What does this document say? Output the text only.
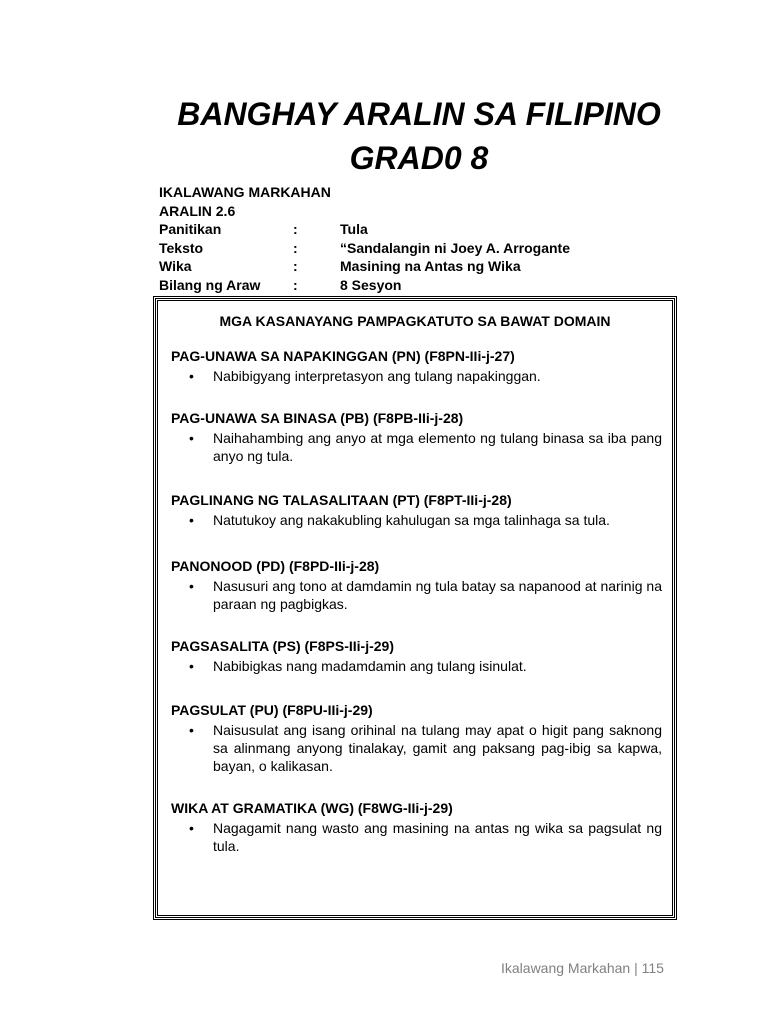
BANGHAY ARALIN SA FILIPINO
GRAD0 8
IKALAWANG MARKAHAN
ARALIN 2.6
Panitikan	:	Tula
Teksto	:	“Sandalangin ni Joey A. Arrogante
Wika	:	Masining na Antas ng Wika
Bilang ng Araw :	8 Sesyon
MGA KASANAYANG PAMPAGKATUTO SA BAWAT DOMAIN
PAG-UNAWA SA NAPAKINGGAN (PN) (F8PN-IIi-j-27)
• Nabibigyang interpretasyon ang tulang napakinggan.
PAG-UNAWA SA BINASA (PB) (F8PB-IIi-j-28)
• Naihahambing ang anyo at mga elemento ng tulang binasa sa iba pang anyo ng tula.
PAGLINANG NG TALASALITAAN (PT) (F8PT-IIi-j-28)
• Natutukoy ang nakakubling kahulugan sa mga talinhaga sa tula.
PANONOOD (PD) (F8PD-IIi-j-28)
• Nasusuri ang tono at damdamin ng tula batay sa napanood at narinig na paraan ng pagbigkas.
PAGSASALITA (PS) (F8PS-IIi-j-29)
• Nabibigkas nang madamdamin ang tulang isinulat.
PAGSULAT (PU) (F8PU-IIi-j-29)
• Naisusulat ang isang orihinal na tulang may apat o higit pang saknong sa alinmang anyong tinalakay, gamit ang paksang pag-ibig sa kapwa, bayan, o kalikasan.
WIKA AT GRAMATIKA (WG) (F8WG-IIi-j-29)
• Nagagamit nang wasto ang masining na antas ng wika sa pagsulat ng tula.
Ikalawang Markahan | 115
